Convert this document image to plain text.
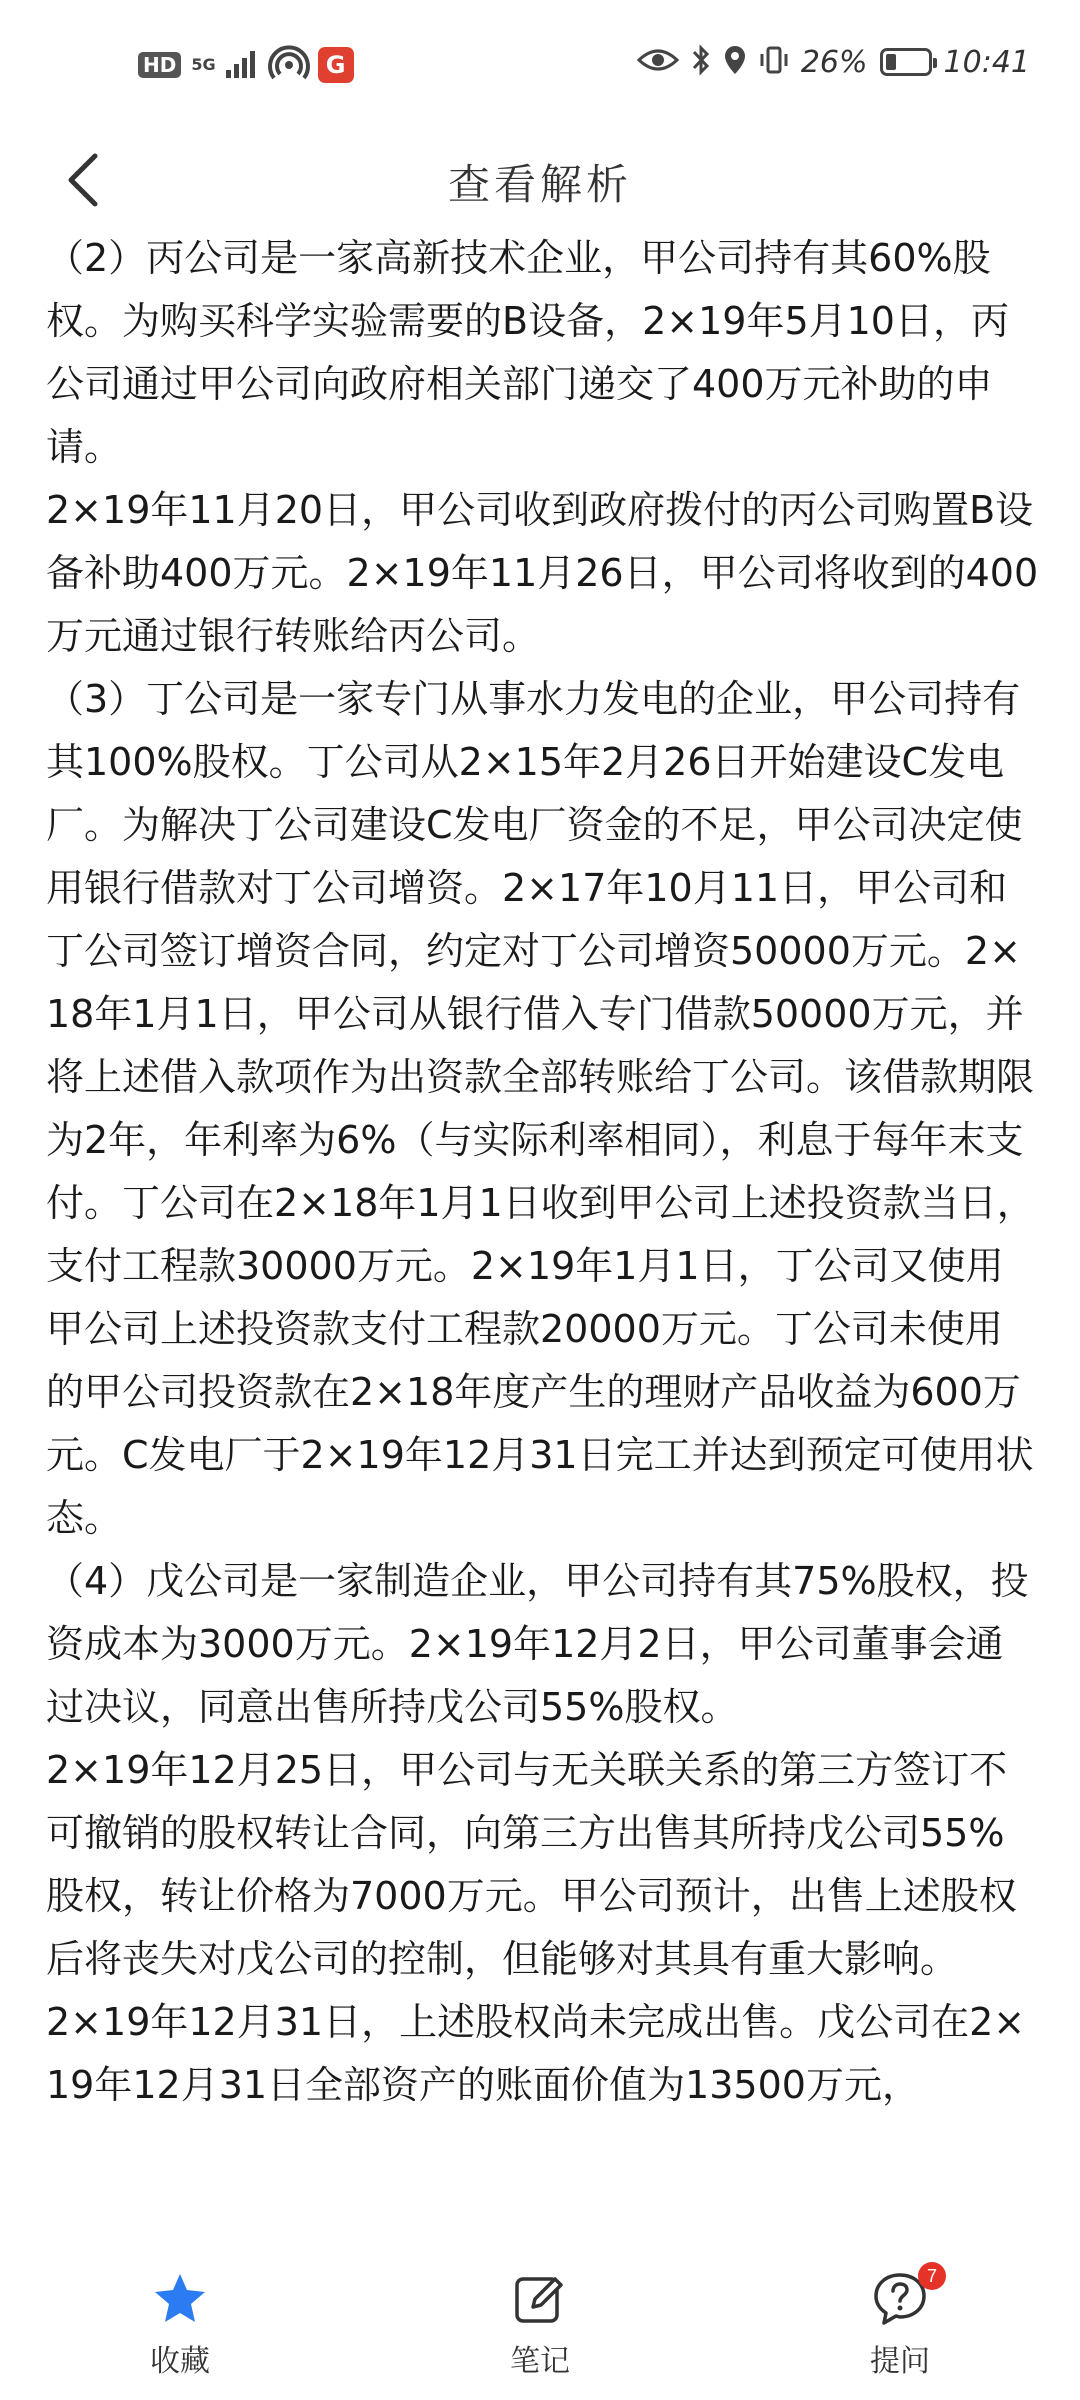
HD 5G	G	26%	10:41
查看解析

（2）丙公司是一家高新技术企业，甲公司持有其60%股权。为购买科学实验需要的B设备，2×19年5月10日，丙公司通过甲公司向政府相关部门递交了400万元补助的申请。

2×19年11月20日，甲公司收到政府拨付的丙公司购置B设备补助400万元。2×19年11月26日，甲公司将收到的400万元通过银行转账给丙公司。

（3）丁公司是一家专门从事水力发电的企业，甲公司持有其100%股权。丁公司从2×15年2月26日开始建设C发电厂。为解决丁公司建设C发电厂资金的不足，甲公司决定使用银行借款对丁公司增资。2×17年10月11日，甲公司和丁公司签订增资合同，约定对丁公司增资50000万元。2×18年1月1日，甲公司从银行借入专门借款50000万元，并将上述借入款项作为出资款全部转账给丁公司。该借款期限为2年，年利率为6%（与实际利率相同），利息于每年末支付。丁公司在2×18年1月1日收到甲公司上述投资款当日，支付工程款30000万元。2×19年1月1日，丁公司又使用甲公司上述投资款支付工程款20000万元。丁公司未使用的甲公司投资款在2×18年度产生的理财产品收益为600万元。C发电厂于2×19年12月31日完工并达到预定可使用状态。

（4）戊公司是一家制造企业，甲公司持有其75%股权，投资成本为3000万元。2×19年12月2日，甲公司董事会通过决议，同意出售所持戊公司55%股权。

2×19年12月25日，甲公司与无关联关系的第三方签订不可撤销的股权转让合同，向第三方出售其所持戊公司55%股权，转让价格为7000万元。甲公司预计，出售上述股权后将丧失对戊公司的控制，但能够对其具有重大影响。

2×19年12月31日，上述股权尚未完成出售。戊公司在2×19年12月31日全部资产的账面价值为13500万元，

收藏	笔记
7
提问
